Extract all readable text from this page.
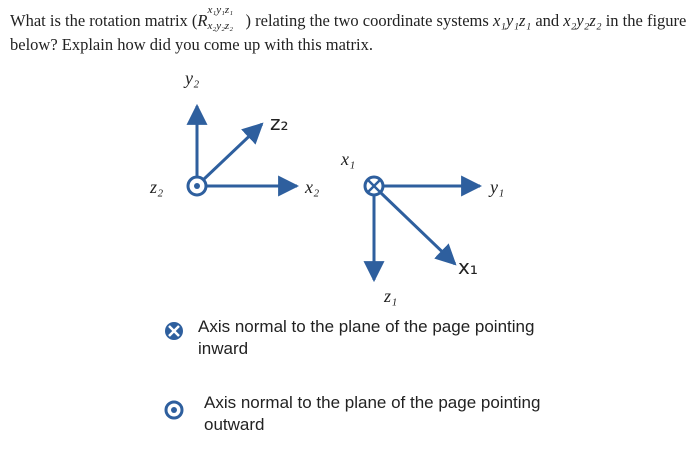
What is the rotation matrix (R
x₁y₁z₁
x₂y₂z₂ ) relating the two coordinate systems x₁y₁z₁ and x₂y₂z₂ in the figure below? Explain how did you come up with this matrix.
y₂
z₂	x₂
z₂
x₁
y₁
z₁
x₁
Axis normal to the plane of the page pointing inward
Axis normal to the plane of the page pointing outward
